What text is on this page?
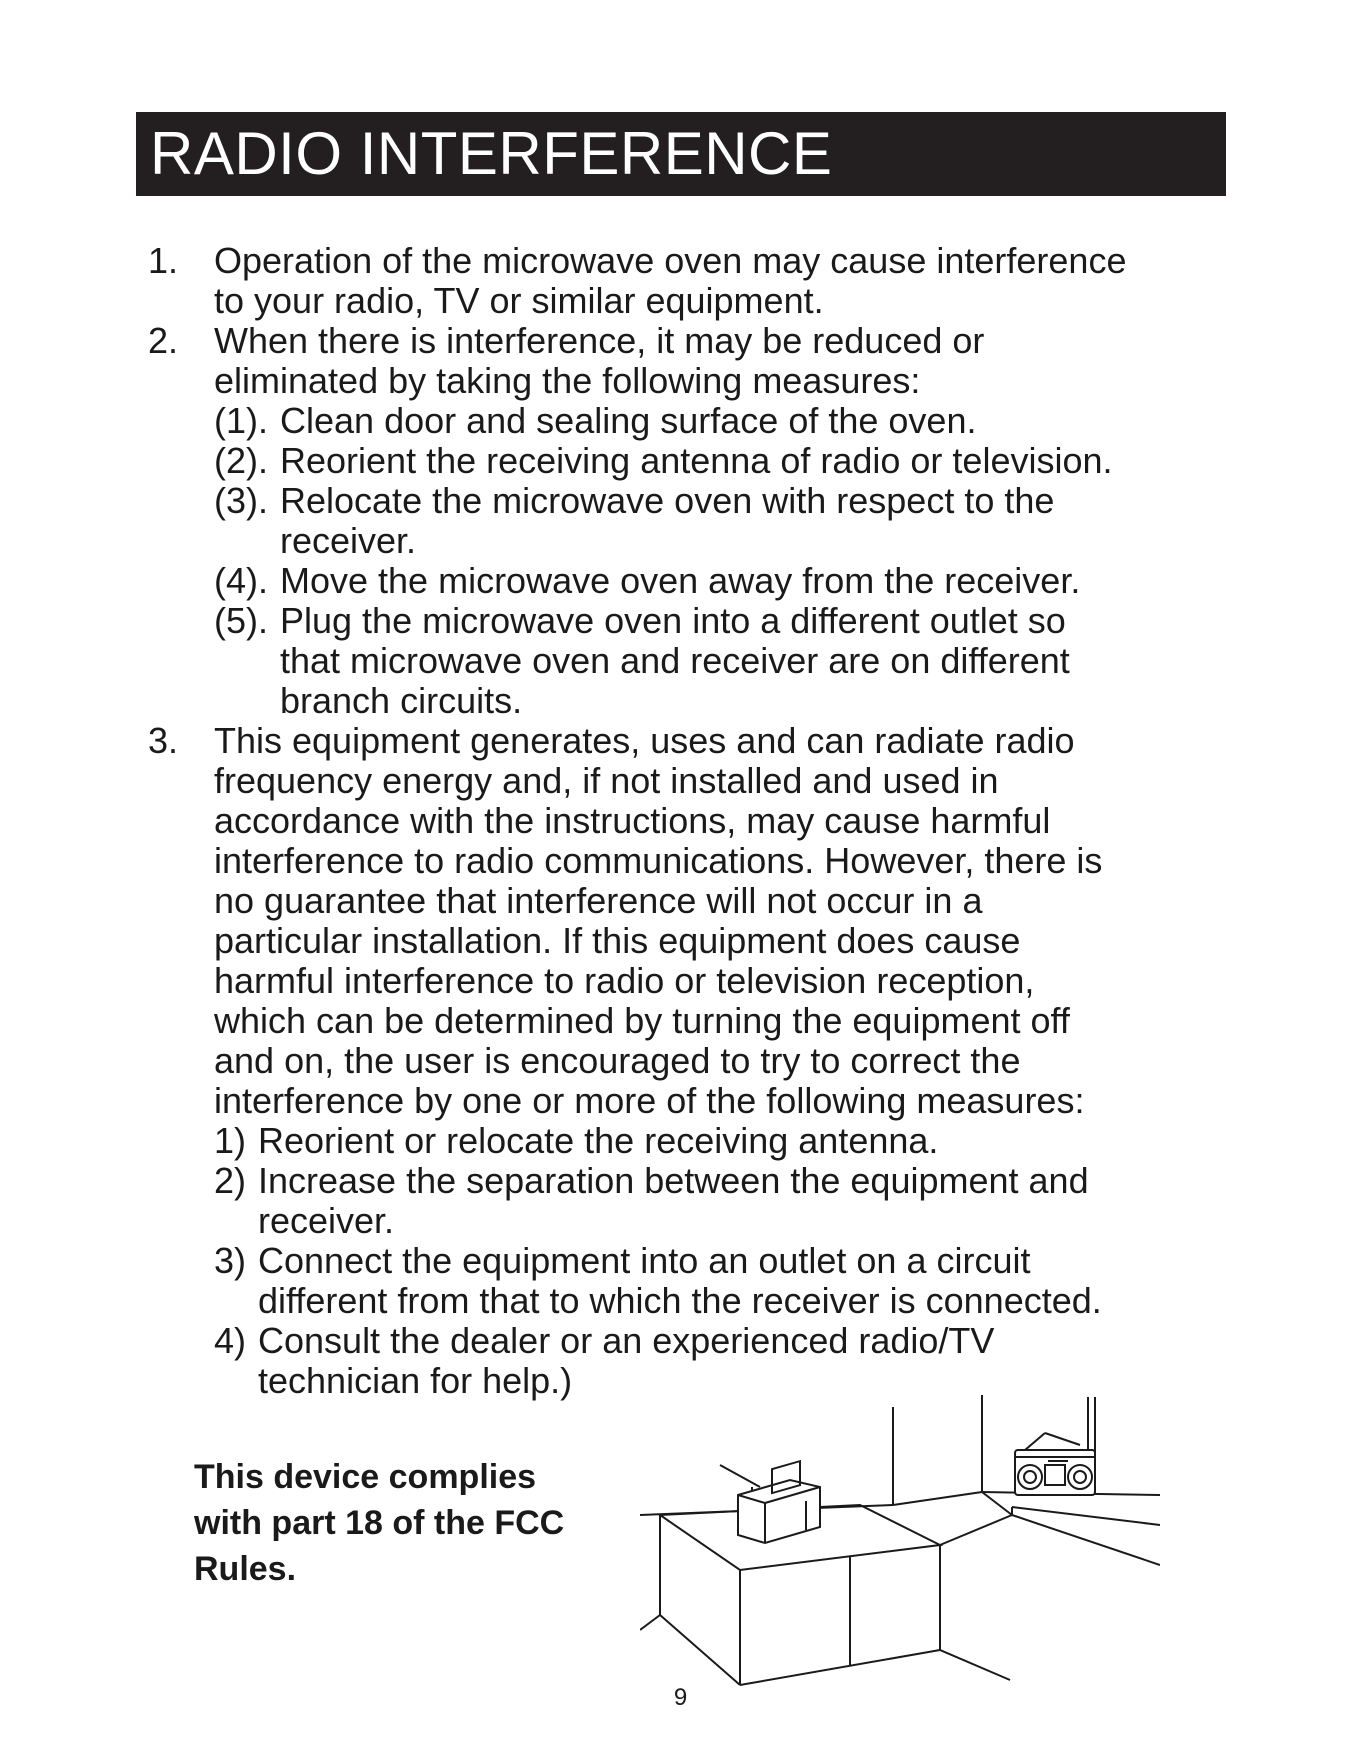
RADIO INTERFERENCE
1. Operation of the microwave oven may cause interference
to your radio, TV or similar equipment.
2. When there is interference, it may be reduced or
eliminated by taking the following measures:
(1). Clean door and sealing surface of the oven.
(2). Reorient the receiving antenna of radio or television.
(3). Relocate the microwave oven with respect to the
receiver.
(4). Move the microwave oven away from the receiver.
(5). Plug the microwave oven into a different outlet so
that microwave oven and receiver are on different
branch circuits.
3. This equipment generates, uses and can radiate radio
frequency energy and, if not installed and used in
accordance with the instructions, may cause harmful
interference to radio communications. However, there is
no guarantee that interference will not occur in a
particular installation. If this equipment does cause
harmful interference to radio or television reception,
which can be determined by turning the equipment off
and on, the user is encouraged to try to correct the
interference by one or more of the following measures:
1) Reorient or relocate the receiving antenna.
2) Increase the separation between the equipment and
receiver.
3) Connect the equipment into an outlet on a circuit
different from that to which the receiver is connected.
4) Consult the dealer or an experienced radio/TV
technician for help.)
This device complies
with part 18 of the FCC
Rules.
9
